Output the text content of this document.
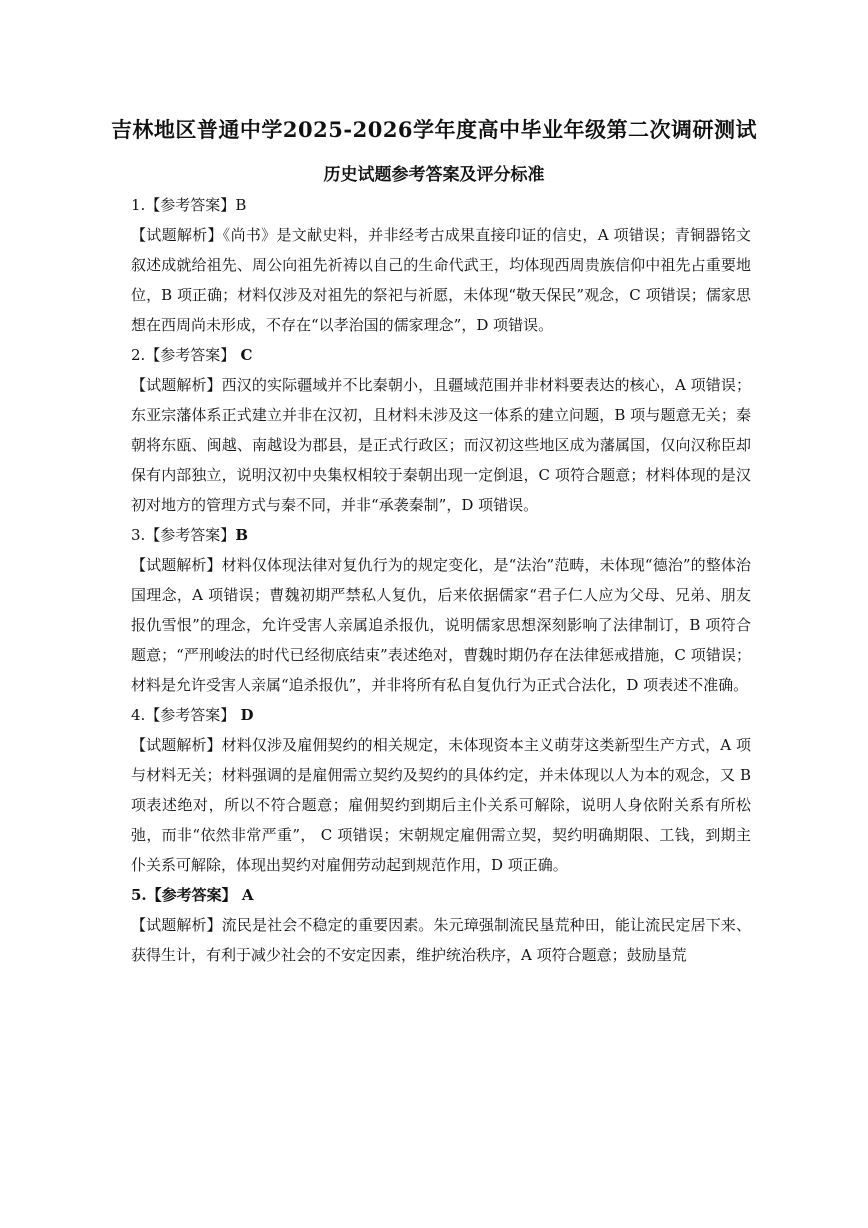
吉林地区普通中学2025-2026学年度高中毕业年级第二次调研测试
历史试题参考答案及评分标准
1.【参考答案】B

【试题解析】《尚书》是文献史料，并非经考古成果直接印证的信史，A 项错误；青铜器铭文叙述成就给祖先、周公向祖先祈祷以自己的生命代武王，均体现西周贵族信仰中祖先占重要地位，B 项正确；材料仅涉及对祖先的祭祀与祈愿，未体现“敬天保民”观念，C 项错误；儒家思想在西周尚未形成，不存在“以孝治国的儒家理念”，D 项错误。

2.【参考答案】 C

【试题解析】西汉的实际疆域并不比秦朝小，且疆域范围并非材料要表达的核心，A 项错误；东亚宗藩体系正式建立并非在汉初，且材料未涉及这一体系的建立问题，B 项与题意无关；秦朝将东瓯、闽越、南越设为郡县，是正式行政区；而汉初这些地区成为藩属国，仅向汉称臣却保有内部独立，说明汉初中央集权相较于秦朝出现一定倒退，C 项符合题意；材料体现的是汉初对地方的管理方式与秦不同，并非“承袭秦制”，D 项错误。

3.【参考答案】B

【试题解析】材料仅体现法律对复仇行为的规定变化，是“法治”范畴，未体现“德治”的整体治国理念，A 项错误；曹魏初期严禁私人复仇，后来依据儒家“君子仁人应为父母、兄弟、朋友报仇雪恨”的理念，允许受害人亲属追杀报仇，说明儒家思想深刻影响了法律制订，B 项符合题意；“严刑峻法的时代已经彻底结束”表述绝对，曹魏时期仍存在法律惩戒措施，C 项错误；材料是允许受害人亲属“追杀报仇”，并非将所有私自复仇行为正式合法化，D 项表述不准确。

4.【参考答案】 D

【试题解析】材料仅涉及雇佣契约的相关规定，未体现资本主义萌芽这类新型生产方式，A 项与材料无关；材料强调的是雇佣需立契约及契约的具体约定，并未体现以人为本的观念，又 B 项表述绝对，所以不符合题意；雇佣契约到期后主仆关系可解除，说明人身依附关系有所松弛，而非“依然非常严重”， C 项错误；宋朝规定雇佣需立契，契约明确期限、工钱，到期主仆关系可解除，体现出契约对雇佣劳动起到规范作用，D 项正确。

5.【参考答案】 A

【试题解析】流民是社会不稳定的重要因素。朱元璋强制流民垦荒种田，能让流民定居下来、获得生计，有利于减少社会的不安定因素，维护统治秩序，A 项符合题意；鼓励垦荒
